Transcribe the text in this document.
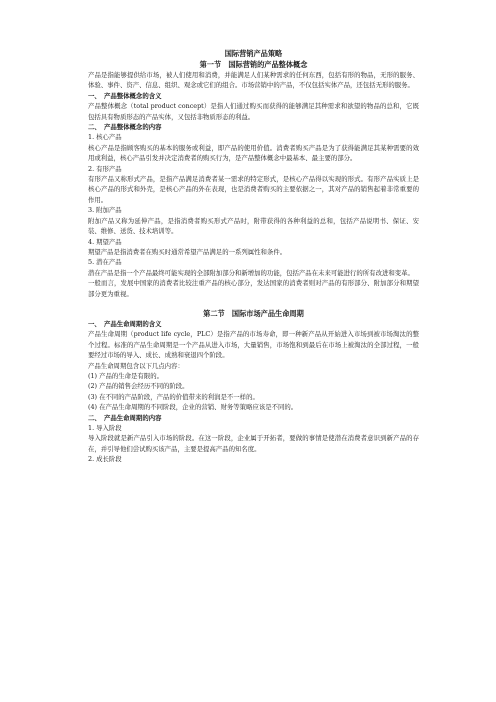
国际营销产品策略

第一节　国际营销的产品整体概念

产品是指能够提供给市场，被人们使用和消费，并能满足人们某种需求的任何东西，包括有形的物品，无形的服务、体验、事件、资产、信息、组织、观念或它们的组合。市场营销中的产品，不仅包括实体产品，还包括无形的服务。

一、　产品整体概念的含义

产品整体概念（total product concept）是指人们通过购买而获得的能够满足其种需求和欲望的物品的总和，它既包括具有物质形态的产品实体，又包括非物质形态的利益。

二、　产品整体概念的内容

1. 核心产品

核心产品是指顾客购买的基本的服务或利益，即产品的使用价值。消费者购买产品是为了获得能满足其某种需要的效用或利益，核心产品引发并决定消费者的购买行为，是产品整体概念中最基本、最主要的部分。

2. 有形产品

有形产品又称形式产品，是指产品满足消费者某一需求的特定形式，是核心产品得以实现的形式。有形产品实质上是核心产品的形式和外壳，是核心产品的外在表现，也是消费者购买的主要依据之一，其对产品的销售起着非常重要的作用。

3. 附加产品

附加产品又称为延伸产品，是指消费者购买形式产品时，附带获得的各种利益的总和，包括产品说明书、保证、安装、维修、送货、技术培训等。

4. 期望产品

期望产品是指消费者在购买时通常希望产品满足的一系列属性和条件。

5. 潜在产品

潜在产品是指一个产品最终可能实现的全部附加部分和新增加的功能，包括产品在未来可能进行的所有改进和变革。

一般而言，发展中国家的消费者比较注重产品的核心部分，发达国家的消费者则对产品的有形部分、附加部分和期望部分更为重视。

第二节　国际市场产品生命周期

一、　产品生命周期的含义

产品生命周期（product life cycle，PLC）是指产品的市场寿命，即一种新产品从开始进入市场到被市场淘汰的整个过程。标准的产品生命周期是一个产品从进入市场，大量销售，市场饱和到最后在市场上被淘汰的全部过程，一般要经过市场的导入、成长、成熟和衰退四个阶段。

产品生命周期包含以下几点内容：

(1) 产品的生命是有限的。

(2) 产品的销售会经历不同的阶段。

(3) 在不同的产品阶段，产品的价值带来的利润是不一样的。

(4) 在产品生命周期的不同阶段，企业的营销、财务等策略应该是不同的。

二、　产品生命周期的内容

1. 导入阶段

导入阶段就是新产品引入市场的阶段。在这一阶段，企业属于开拓者，要做的事情是使潜在消费者意识到新产品的存在，并引导他们尝试购买该产品，主要是提高产品的知名度。

2. 成长阶段
